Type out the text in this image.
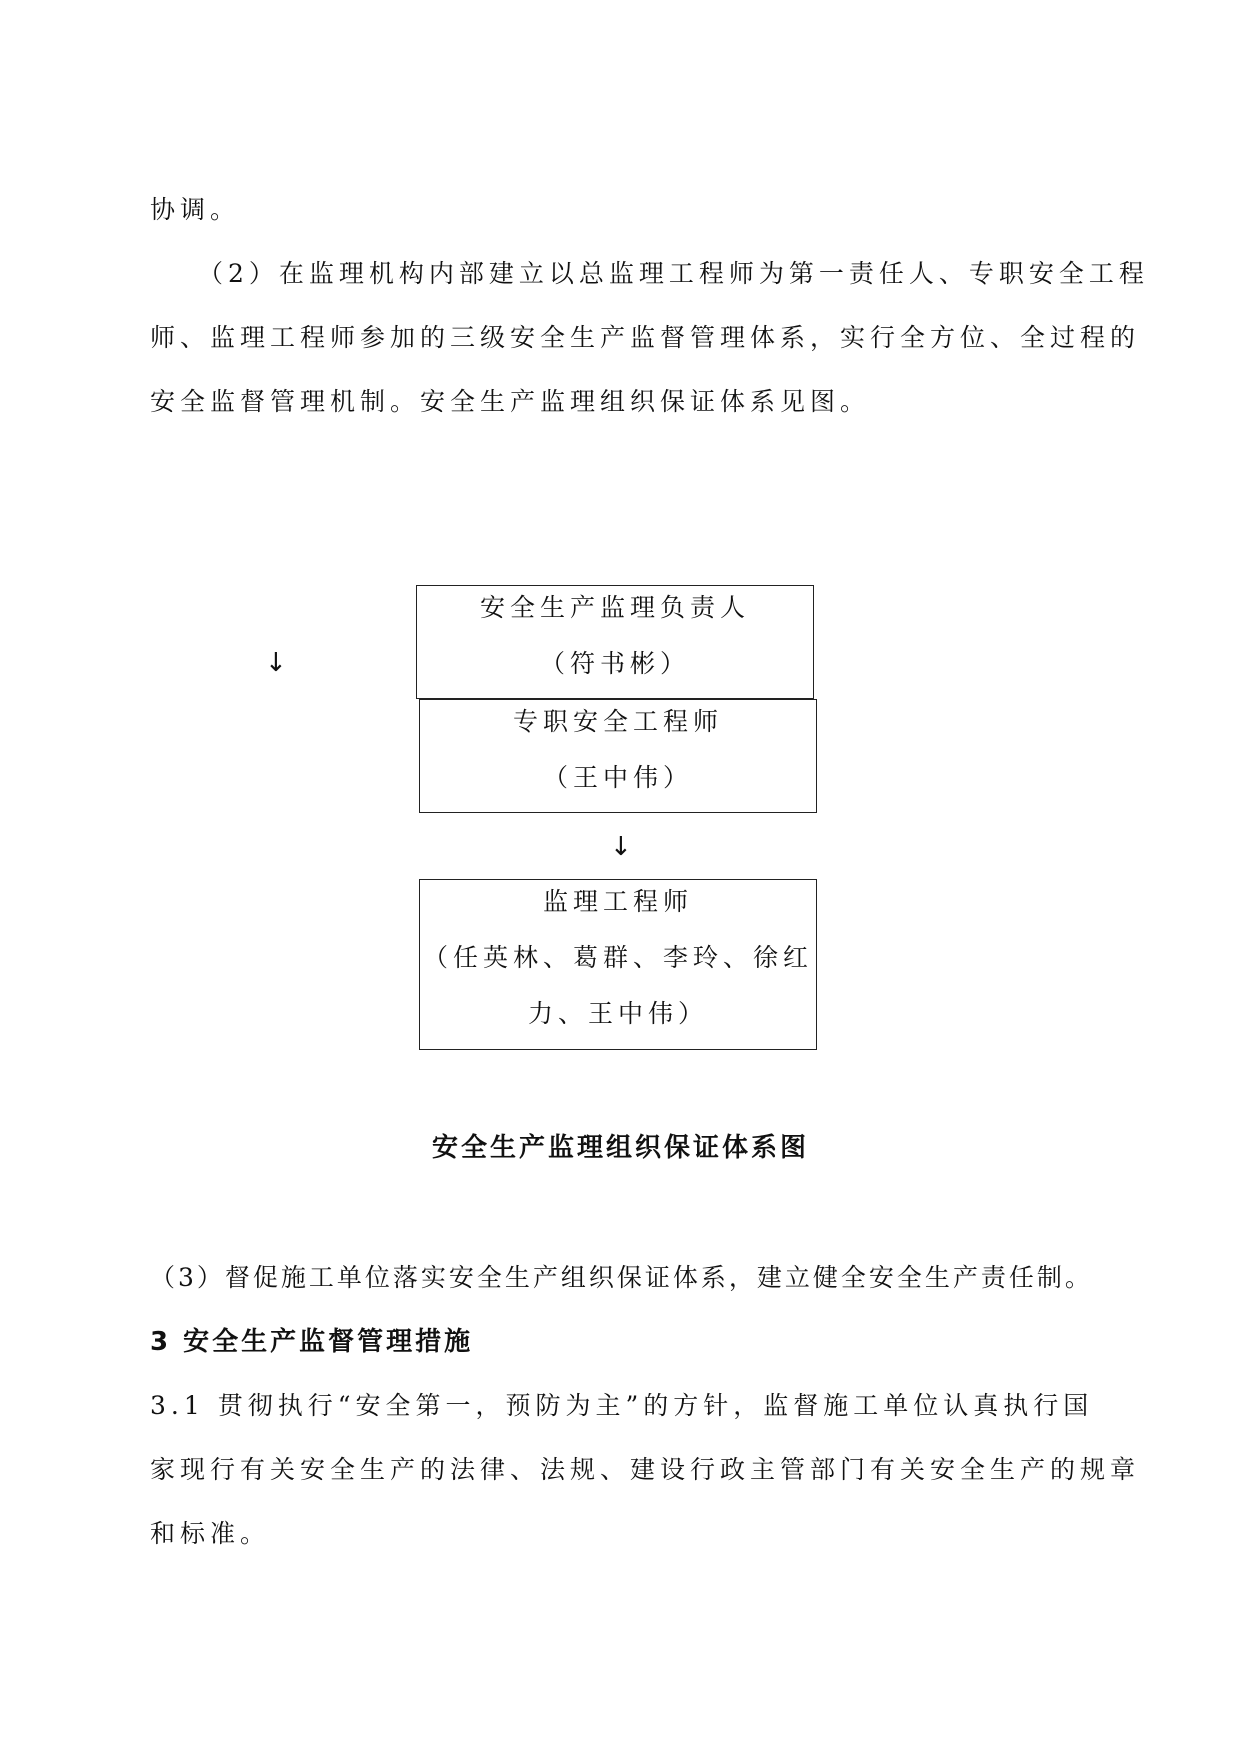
协调。
（2）在监理机构内部建立以总监理工程师为第一责任人、专职安全工程
师、监理工程师参加的三级安全生产监督管理体系，实行全方位、全过程的
安全监督管理机制。安全生产监理组织保证体系见图。
安全生产监理负责人
（符书彬）
↓
专职安全工程师
（王中伟）
↓
监理工程师
（任英林、葛群、李玲、徐红
力、王中伟）
安全生产监理组织保证体系图
（3）督促施工单位落实安全生产组织保证体系，建立健全安全生产责任制。
3 安全生产监督管理措施
3.1 贯彻执行“安全第一，预防为主”的方针，监督施工单位认真执行国
家现行有关安全生产的法律、法规、建设行政主管部门有关安全生产的规章
和标准。
